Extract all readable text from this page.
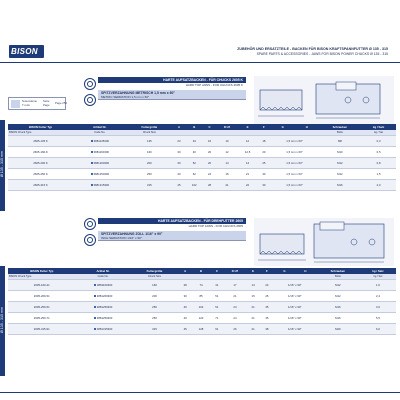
BISON	ZUBEHÖR UND ERSATZTEILE - BACKEN FÜR BISON KRAFTSPANNFUTTER Ø 135 - 315
SPARE PARTS & ACCESSORIES - JAWS FOR BISON POWER CHUCKS Ø 135 - 315
Ø 135 - 315 mm
Nutensteine Seite Page 254
T-nuts	Page
HARTE AUFSATZBACKEN - FÜR CHUCKS 2605 K
HARD TOP JAWS - FOR CHUCKS 2605 K
SPITZVERZAHNUNG METRISCH 1,5 mm x 60°
METRIC SERRATION 1,5 mm x 60°
BISON Futter Typ	Artikel Nr.	Futtergröße	A	B	C	D H7	E	F	G	H	Schrauben	kg / Satz
BISON Chuck Type	Code No.	Chuck Size									Bolts	kg / Set
2605-135 K	3881135300	135	23	33	16	10	12	18	1,5 mm x 60°		M8	0,3
2605-160-K	3881160300	160	30	40	20	12	12,5	20	1,5 mm x 60°		M10	0,5
2605-200 K	3881200300	200	30	52	20	14	14	25	1,5 mm x 60°		M12	0,8
2605-250 K	3881250300	250	40	62	24	16	21	30	1,5 mm x 60°		M12	1,5
2605-315 K	3881315300	315	45	102	28	21	22	30	1,5 mm x 60°		M16	2,0
Ø 135 - 315 mm
HARTE AUFSATZBACKEN - FÜR DREHFUTTER 2605
HARD TOP JAWS - FOR CHUCKS 2605
SPITZVERZAHNUNG ZOLL 1/16" x 90°
INCH SERRATION 1/16" x 90°
BISON Futter Typ	Artikel Nr.	Futtergröße	A	B	C	D H7	E	F	G	H	Schrauben	kg / Satz
BISON Chuck Type	Code No.	Chuck Size									Bolts	kg / Set
2605-160-41	3881160300	160	28	74	41	17	14	24	1/16" x 90°		M12	1,6
2605-200-51	3881200300	200	30	85	51	21	15	25	1/16" x 90°		M12	2,4
2605-250-51	3881250300	250	40	102	51	24	21	35	1/16" x 90°		M16	3,0
2605-250-71	3881250300	250	40	120	71	24	21	35	1/16" x 90°		M16	5,5
2605-315-91	3881315300	315	45	128	91	26	21	38	1/16" x 90°		M20	6,0
